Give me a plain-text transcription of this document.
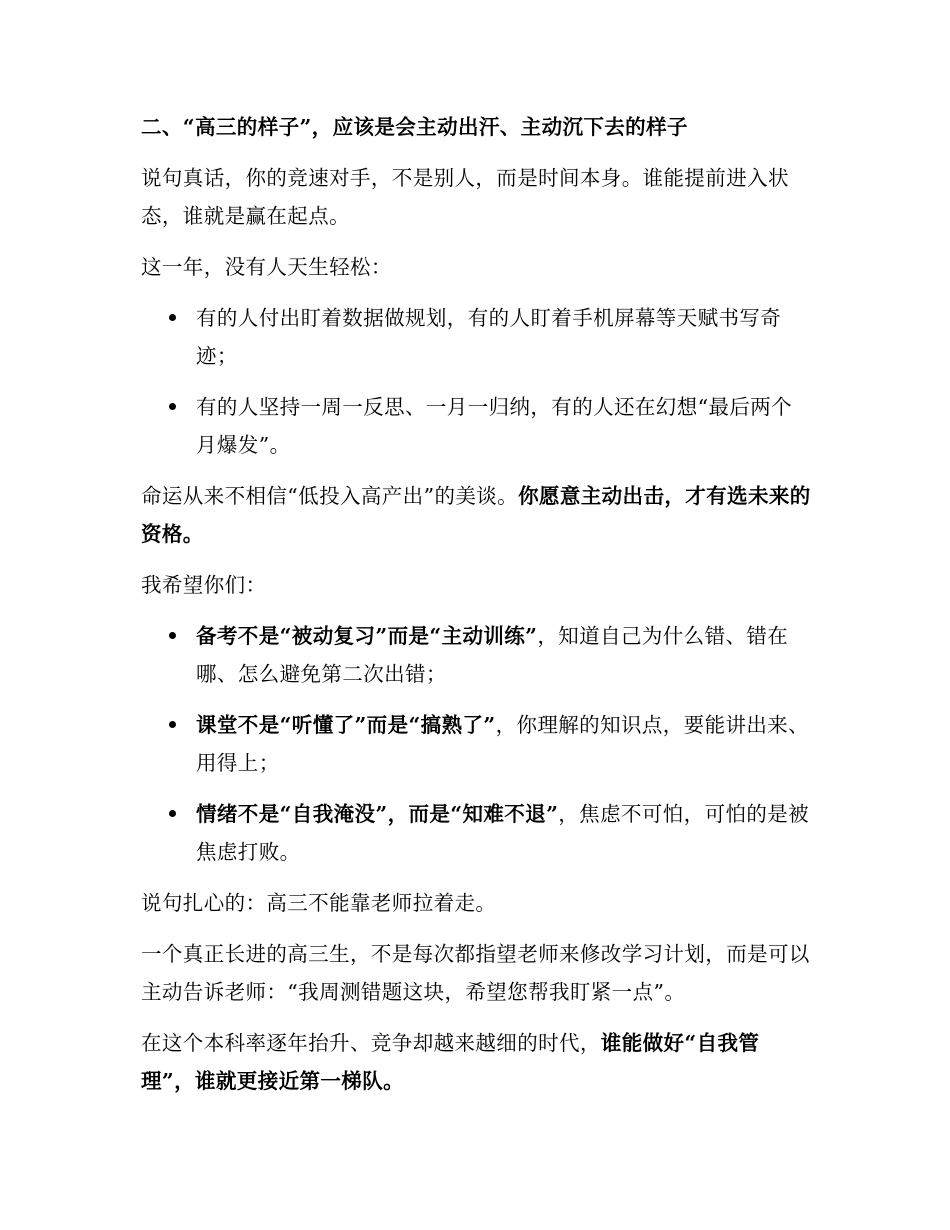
二、“高三的样子”，应该是会主动出汗、主动沉下去的样子

说句真话，你的竞速对手，不是别人，而是时间本身。谁能提前进入状态，谁就是赢在起点。

这一年，没有人天生轻松：

有的人付出盯着数据做规划，有的人盯着手机屏幕等天赋书写奇迹；
有的人坚持一周一反思、一月一归纳，有的人还在幻想“最后两个月爆发”。

命运从来不相信“低投入高产出”的美谈。你愿意主动出击，才有选未来的资格。

我希望你们：

备考不是“被动复习”而是“主动训练”，知道自己为什么错、错在哪、怎么避免第二次出错；
课堂不是“听懂了”而是“搞熟了”，你理解的知识点，要能讲出来、用得上；
情绪不是“自我淹没”，而是“知难不退”，焦虑不可怕，可怕的是被焦虑打败。

说句扎心的：高三不能靠老师拉着走。

一个真正长进的高三生，不是每次都指望老师来修改学习计划，而是可以主动告诉老师：“我周测错题这块，希望您帮我盯紧一点”。

在这个本科率逐年抬升、竞争却越来越细的时代，谁能做好“自我管理”，谁就更接近第一梯队。
